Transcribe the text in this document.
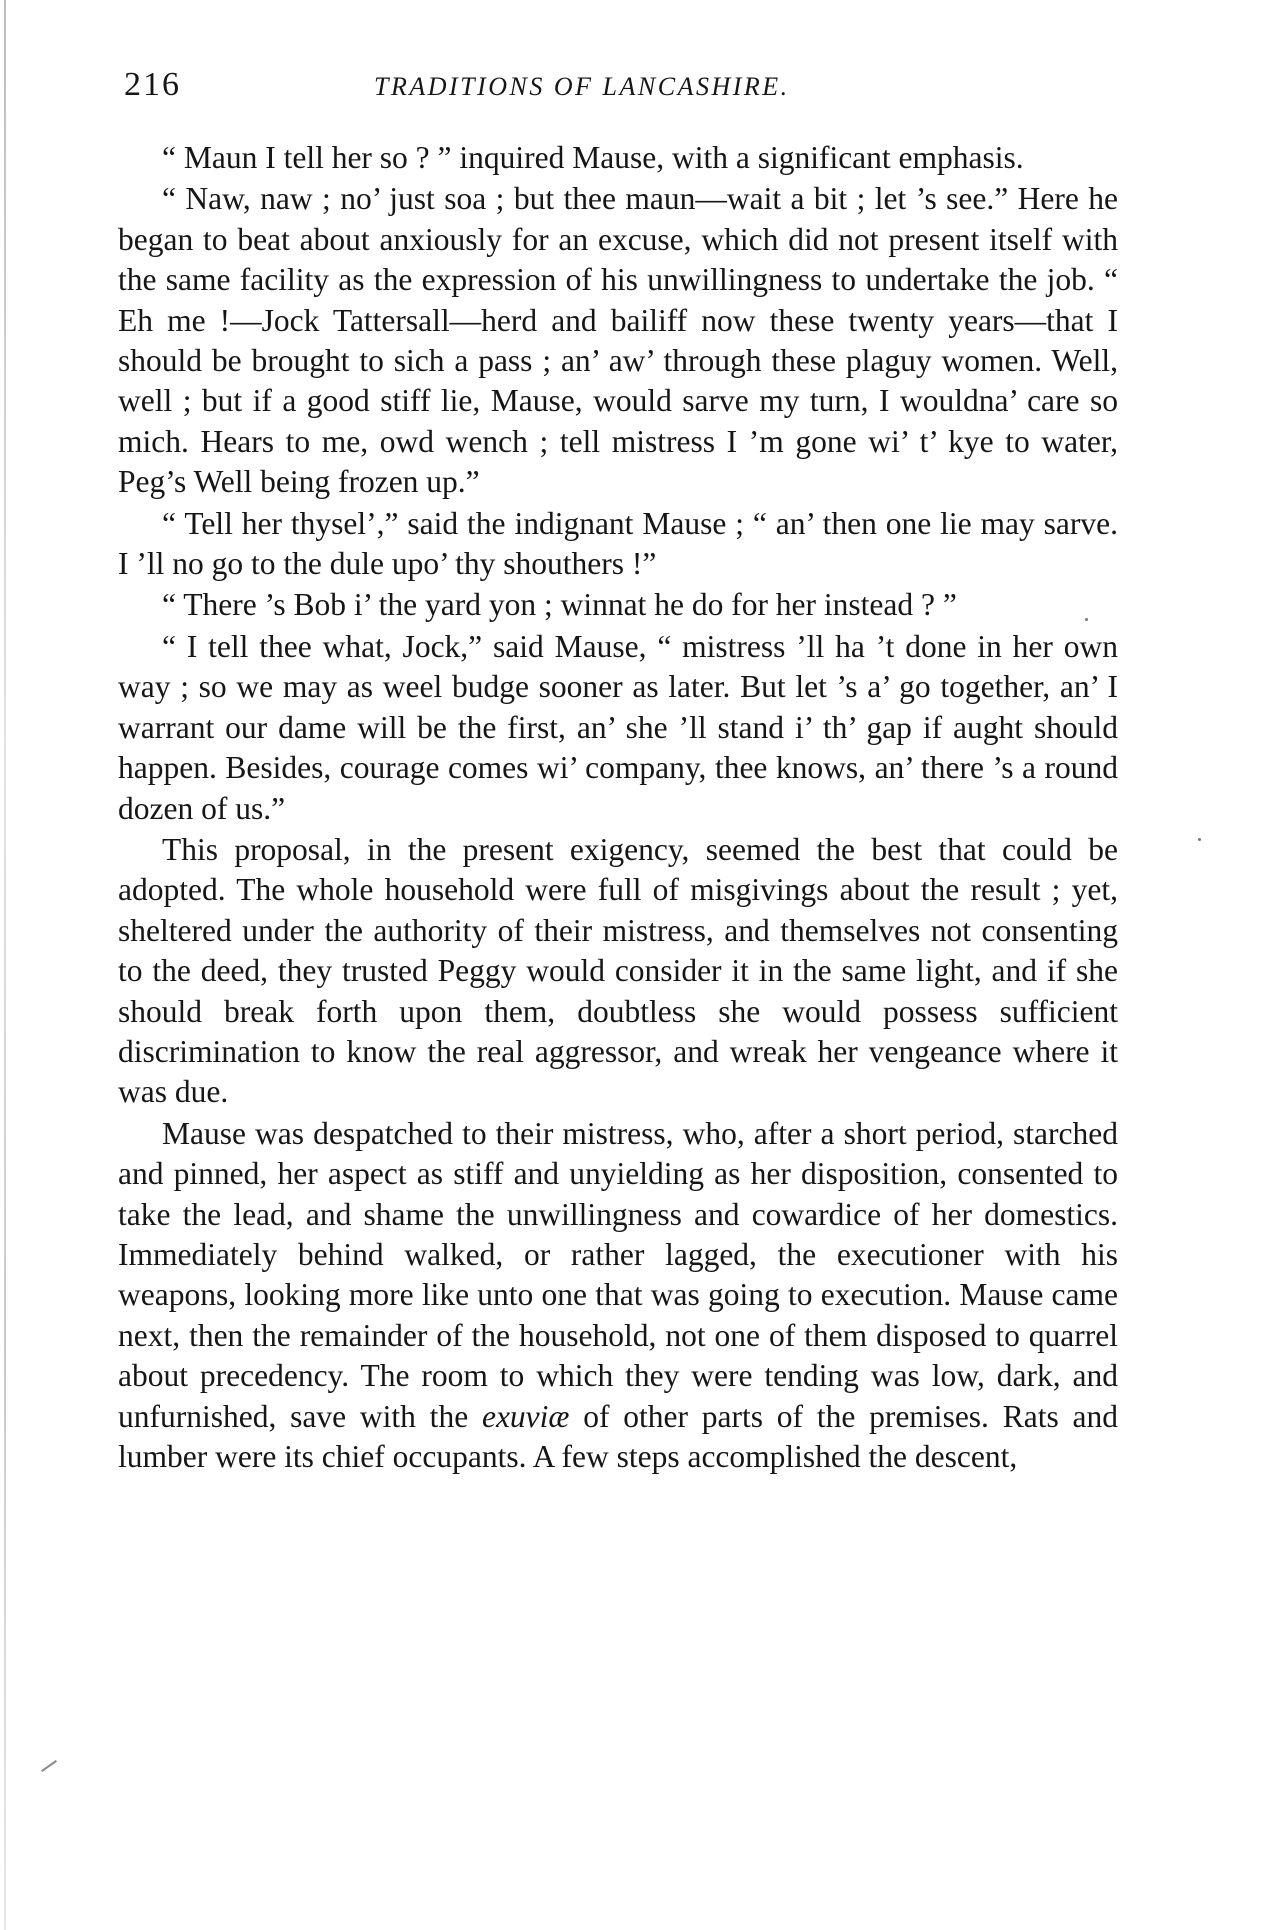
216	TRADITIONS OF LANCASHIRE.

“ Maun I tell her so ? ” inquired Mause, with a significant emphasis.

“ Naw, naw ; no’ just soa ; but thee maun—wait a bit ; let ’s see.” Here he began to beat about anxiously for an excuse, which did not present itself with the same facility as the expression of his unwillingness to undertake the job. “ Eh me !—Jock Tattersall—herd and bailiff now these twenty years—that I should be brought to sich a pass ; an’ aw’ through these plaguy women. Well, well ; but if a good stiff lie, Mause, would sarve my turn, I wouldna’ care so mich. Hears to me, owd wench ; tell mistress I ’m gone wi’ t’ kye to water, Peg’s Well being frozen up.”

“ Tell her thysel’,” said the indignant Mause ; “ an’ then one lie may sarve. I ’ll no go to the dule upo’ thy shouthers !”

“ There ’s Bob i’ the yard yon ; winnat he do for her instead ? ”

“ I tell thee what, Jock,” said Mause, “ mistress ’ll ha ’t done in her own way ; so we may as weel budge sooner as later. But let ’s a’ go together, an’ I warrant our dame will be the first, an’ she ’ll stand i’ th’ gap if aught should happen. Besides, courage comes wi’ company, thee knows, an’ there ’s a round dozen of us.”

This proposal, in the present exigency, seemed the best that could be adopted. The whole household were full of misgivings about the result ; yet, sheltered under the authority of their mistress, and themselves not consenting to the deed, they trusted Peggy would consider it in the same light, and if she should break forth upon them, doubtless she would possess sufficient discrimination to know the real aggressor, and wreak her vengeance where it was due.

Mause was despatched to their mistress, who, after a short period, starched and pinned, her aspect as stiff and unyielding as her disposition, consented to take the lead, and shame the unwillingness and cowardice of her domestics. Immediately behind walked, or rather lagged, the executioner with his weapons, looking more like unto one that was going to execution. Mause came next, then the remainder of the household, not one of them disposed to quarrel about precedency. The room to which they were tending was low, dark, and unfurnished, save with the exuviæ of other parts of the premises. Rats and lumber were its chief occupants. A few steps accomplished the descent,
